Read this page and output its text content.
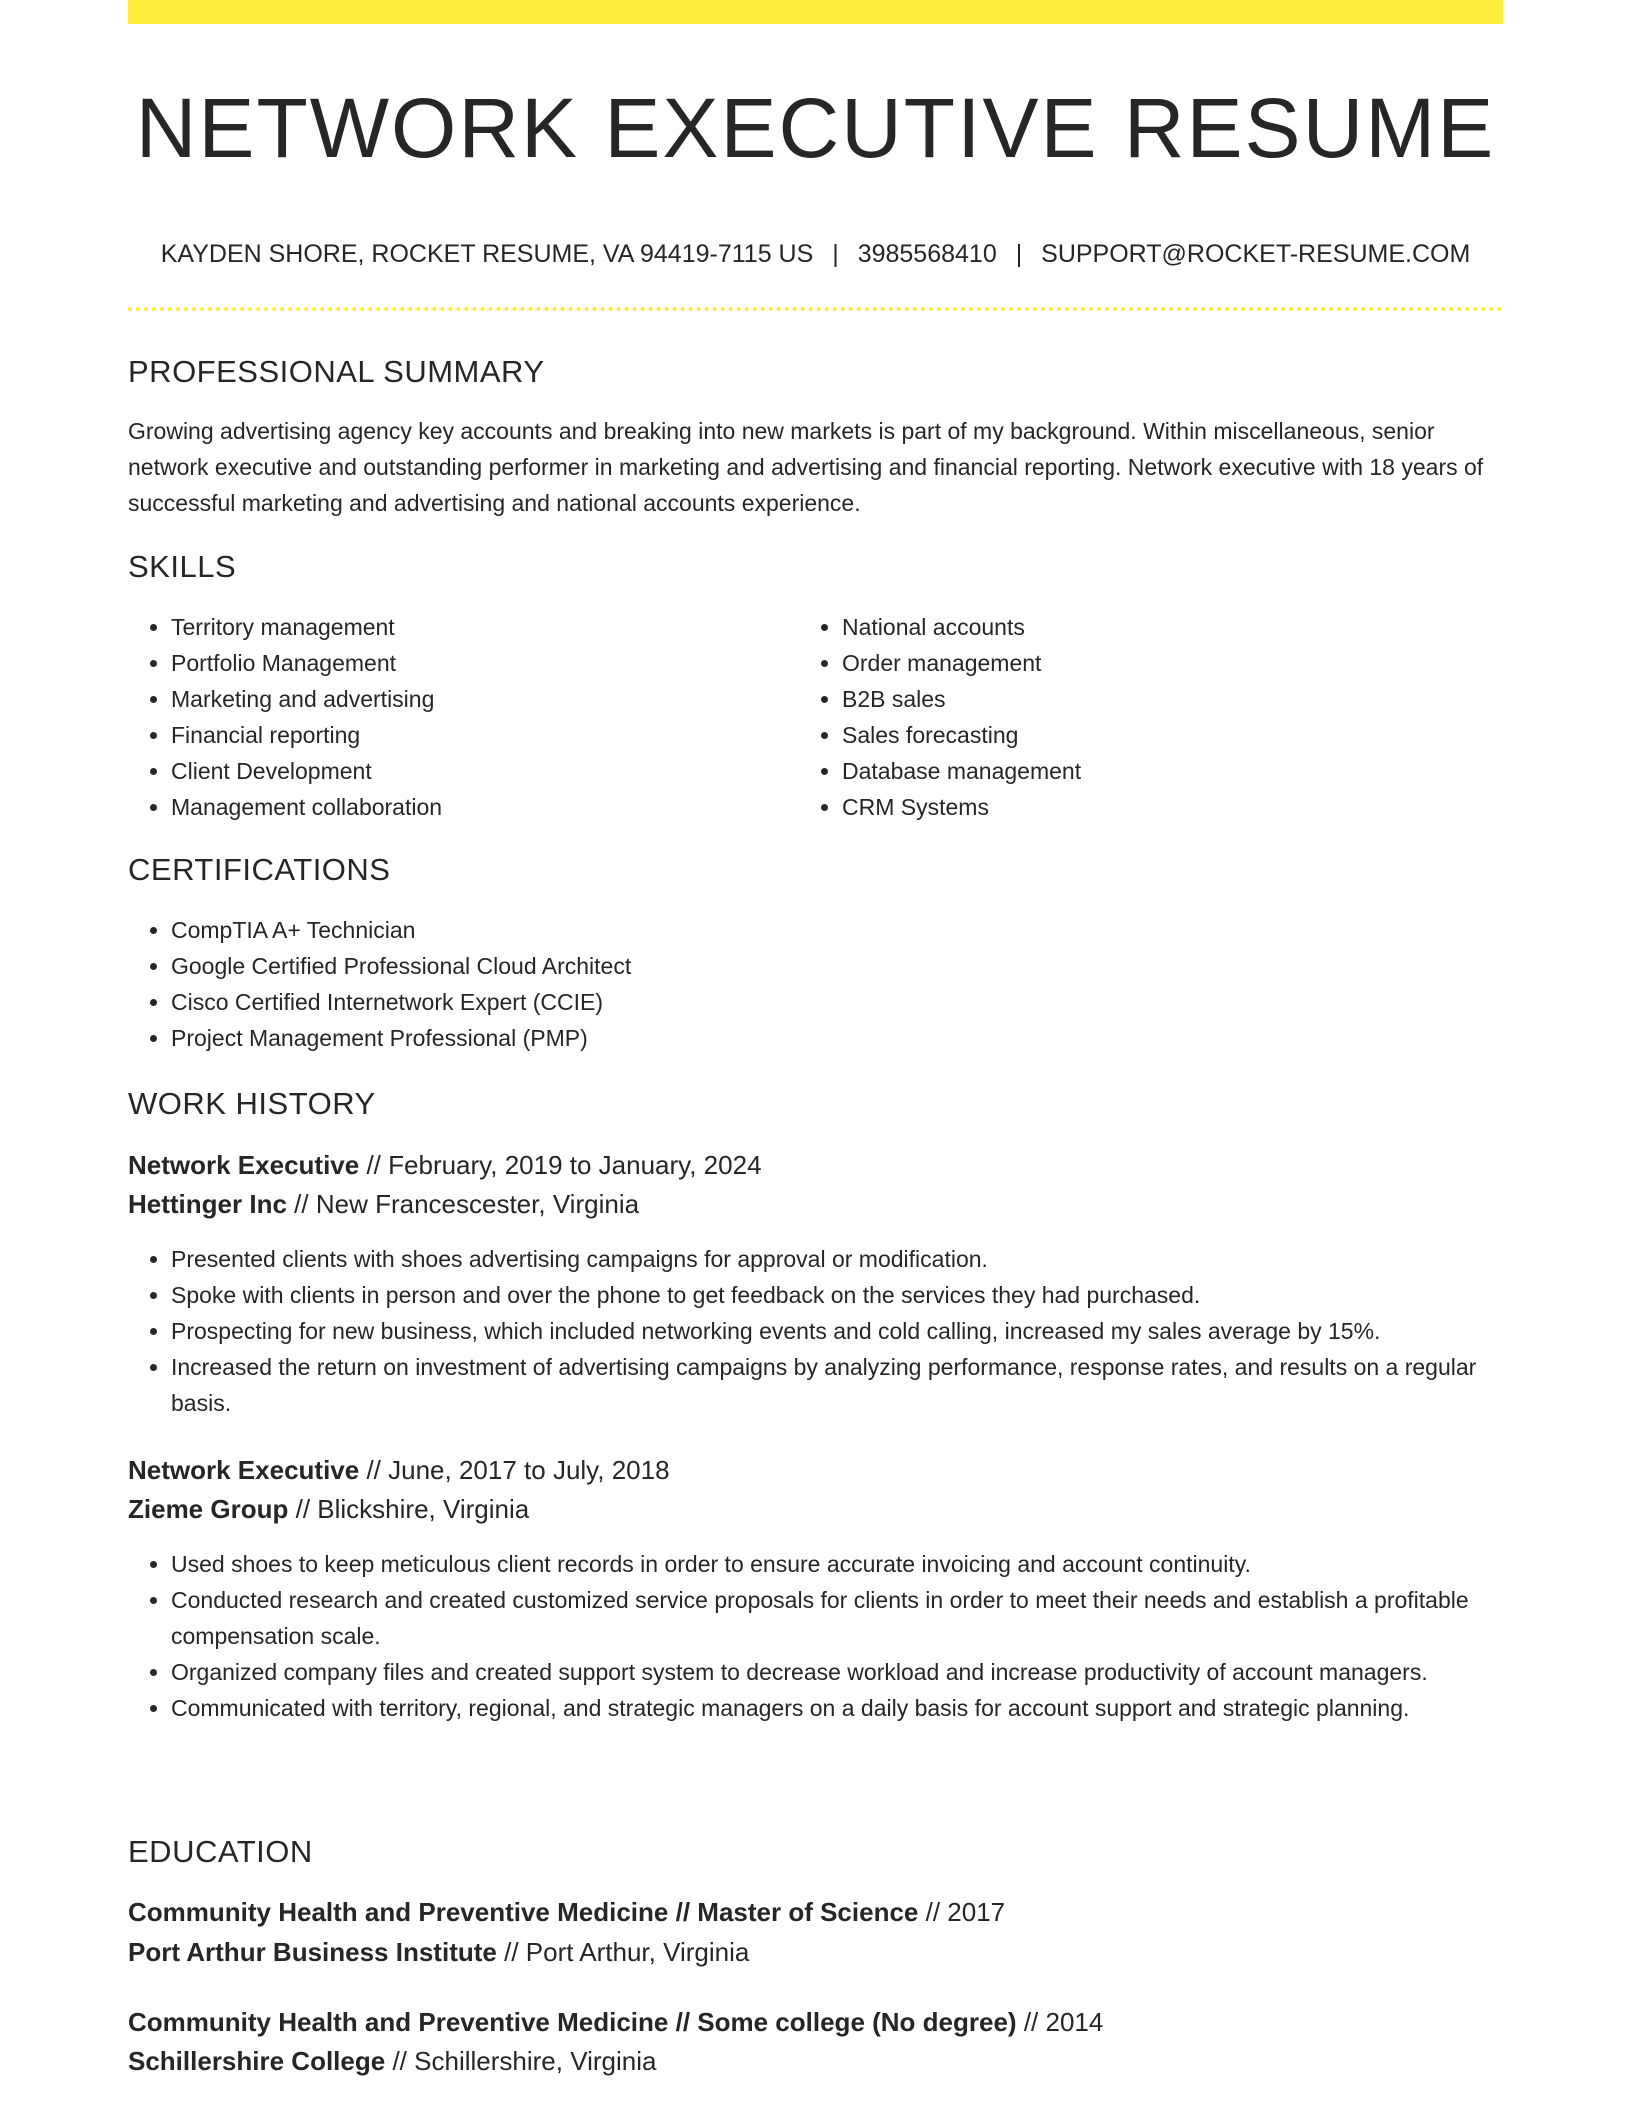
NETWORK EXECUTIVE RESUME
KAYDEN SHORE, ROCKET RESUME, VA 94419-7115 US | 3985568410 | SUPPORT@ROCKET-RESUME.COM
PROFESSIONAL SUMMARY

Growing advertising agency key accounts and breaking into new markets is part of my background. Within miscellaneous, senior network executive and outstanding performer in marketing and advertising and financial reporting. Network executive with 18 years of successful marketing and advertising and national accounts experience.

SKILLS
• Territory management
• Portfolio Management
• Marketing and advertising
• Financial reporting
• Client Development
• Management collaboration
• National accounts
• Order management
• B2B sales
• Sales forecasting
• Database management
• CRM Systems
CERTIFICATIONS
• CompTIA A+ Technician
• Google Certified Professional Cloud Architect
• Cisco Certified Internetwork Expert (CCIE)
• Project Management Professional (PMP)
WORK HISTORY
Network Executive // February, 2019 to January, 2024
Hettinger Inc // New Francescester, Virginia
• Presented clients with shoes advertising campaigns for approval or modification.
• Spoke with clients in person and over the phone to get feedback on the services they had purchased.
• Prospecting for new business, which included networking events and cold calling, increased my sales average by 15%.
• Increased the return on investment of advertising campaigns by analyzing performance, response rates, and results on a regular basis.
Network Executive // June, 2017 to July, 2018
Zieme Group // Blickshire, Virginia
• Used shoes to keep meticulous client records in order to ensure accurate invoicing and account continuity.
• Conducted research and created customized service proposals for clients in order to meet their needs and establish a profitable compensation scale.
• Organized company files and created support system to decrease workload and increase productivity of account managers.
• Communicated with territory, regional, and strategic managers on a daily basis for account support and strategic planning.
EDUCATION
Community Health and Preventive Medicine // Master of Science // 2017
Port Arthur Business Institute // Port Arthur, Virginia
Community Health and Preventive Medicine // Some college (No degree) // 2014
Schillershire College // Schillershire, Virginia
